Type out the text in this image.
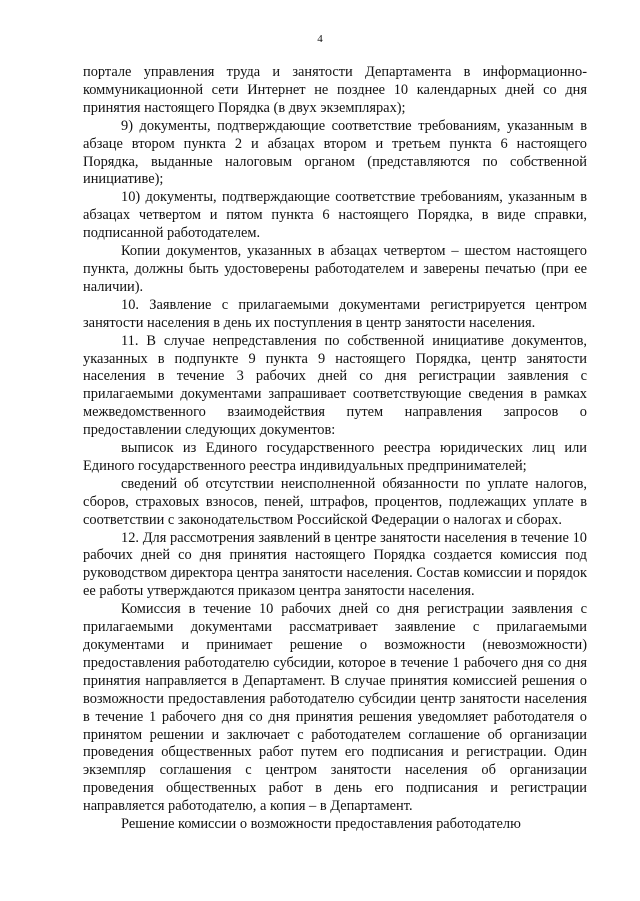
4

портале управления труда и занятости Департамента в информационно-коммуникационной сети Интернет не позднее 10 календарных дней со дня принятия настоящего Порядка (в двух экземплярах);

9) документы, подтверждающие соответствие требованиям, указанным в абзаце втором пункта 2 и абзацах втором и третьем пункта 6 настоящего Порядка, выданные налоговым органом (представляются по собственной инициативе);

10) документы, подтверждающие соответствие требованиям, указанным в абзацах четвертом и пятом пункта 6 настоящего Порядка, в виде справки, подписанной работодателем.

Копии документов, указанных в абзацах четвертом – шестом настоящего пункта, должны быть удостоверены работодателем и заверены печатью (при ее наличии).

10. Заявление с прилагаемыми документами регистрируется центром занятости населения в день их поступления в центр занятости населения.

11. В случае непредставления по собственной инициативе документов, указанных в подпункте 9 пункта 9 настоящего Порядка, центр занятости населения в течение 3 рабочих дней со дня регистрации заявления с прилагаемыми документами запрашивает соответствующие сведения в рамках межведомственного взаимодействия путем направления запросов о предоставлении следующих документов:

выписок из Единого государственного реестра юридических лиц или Единого государственного реестра индивидуальных предпринимателей;

сведений об отсутствии неисполненной обязанности по уплате налогов, сборов, страховых взносов, пеней, штрафов, процентов, подлежащих уплате в соответствии с законодательством Российской Федерации о налогах и сборах.

12. Для рассмотрения заявлений в центре занятости населения в течение 10 рабочих дней со дня принятия настоящего Порядка создается комиссия под руководством директора центра занятости населения. Состав комиссии и порядок ее работы утверждаются приказом центра занятости населения.

Комиссия в течение 10 рабочих дней со дня регистрации заявления с прилагаемыми документами рассматривает заявление с прилагаемыми документами и принимает решение о возможности (невозможности) предоставления работодателю субсидии, которое в течение 1 рабочего дня со дня принятия направляется в Департамент. В случае принятия комиссией решения о возможности предоставления работодателю субсидии центр занятости населения в течение 1 рабочего дня со дня принятия решения уведомляет работодателя о принятом решении и заключает с работодателем соглашение об организации проведения общественных работ путем его подписания и регистрации. Один экземпляр соглашения с центром занятости населения об организации проведения общественных работ в день его подписания и регистрации направляется работодателю, а копия – в Департамент.

Решение комиссии о возможности предоставления работодателю
